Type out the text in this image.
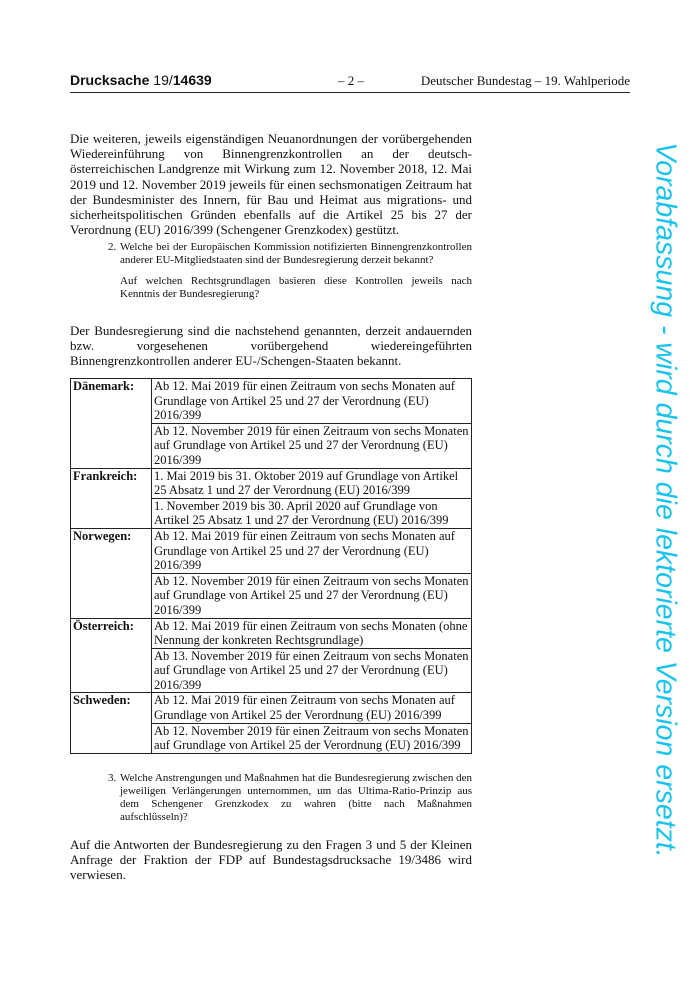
Drucksache 19/14639	– 2 –	Deutscher Bundestag – 19. Wahlperiode
Vorabfassung - wird durch die lektorierte Version ersetzt.

Die weiteren, jeweils eigenständigen Neuanordnungen der vorübergehenden Wiedereinführung von Binnengrenzkontrollen an der deutsch-österreichischen Landgrenze mit Wirkung zum 12. November 2018, 12. Mai 2019 und 12. November 2019 jeweils für einen sechsmonatigen Zeitraum hat der Bundesminister des Innern, für Bau und Heimat aus migrations- und sicherheitspolitischen Gründen ebenfalls auf die Artikel 25 bis 27 der Verordnung (EU) 2016/399 (Schengener Grenzkodex) gestützt.

2. Welche bei der Europäischen Kommission notifizierten Binnengrenzkontrollen anderer EU-Mitgliedstaaten sind der Bundesregierung derzeit bekannt?

Auf welchen Rechtsgrundlagen basieren diese Kontrollen jeweils nach Kenntnis der Bundesregierung?

Der Bundesregierung sind die nachstehend genannten, derzeit andauernden bzw. vorgesehenen vorübergehend wiedereingeführten Binnengrenzkontrollen anderer EU-/Schengen-Staaten bekannt.

Dänemark:	Ab 12. Mai 2019 für einen Zeitraum von sechs Monaten auf Grundlage von Artikel 25 und 27 der Verordnung (EU) 2016/399
	Ab 12. November 2019 für einen Zeitraum von sechs Monaten auf Grundlage von Artikel 25 und 27 der Verordnung (EU) 2016/399
Frankreich:	1. Mai 2019 bis 31. Oktober 2019 auf Grundlage von Artikel 25 Absatz 1 und 27 der Verordnung (EU) 2016/399
	1. November 2019 bis 30. April 2020 auf Grundlage von Artikel 25 Absatz 1 und 27 der Verordnung (EU) 2016/399
Norwegen:	Ab 12. Mai 2019 für einen Zeitraum von sechs Monaten auf Grundlage von Artikel 25 und 27 der Verordnung (EU) 2016/399
	Ab 12. November 2019 für einen Zeitraum von sechs Monaten auf Grundlage von Artikel 25 und 27 der Verordnung (EU) 2016/399
Österreich:	Ab 12. Mai 2019 für einen Zeitraum von sechs Monaten (ohne Nennung der konkreten Rechtsgrundlage)
	Ab 13. November 2019 für einen Zeitraum von sechs Monaten auf Grundlage von Artikel 25 und 27 der Verordnung (EU) 2016/399
Schweden:	Ab 12. Mai 2019 für einen Zeitraum von sechs Monaten auf Grundlage von Artikel 25 der Verordnung (EU) 2016/399
	Ab 12. November 2019 für einen Zeitraum von sechs Monaten auf Grundlage von Artikel 25 der Verordnung (EU) 2016/399
3. Welche Anstrengungen und Maßnahmen hat die Bundesregierung zwischen den jeweiligen Verlängerungen unternommen, um das Ultima-Ratio-Prinzip aus dem Schengener Grenzkodex zu wahren (bitte nach Maßnahmen aufschlüsseln)?

Auf die Antworten der Bundesregierung zu den Fragen 3 und 5 der Kleinen Anfrage der Fraktion der FDP auf Bundestagsdrucksache 19/3486 wird verwiesen.
